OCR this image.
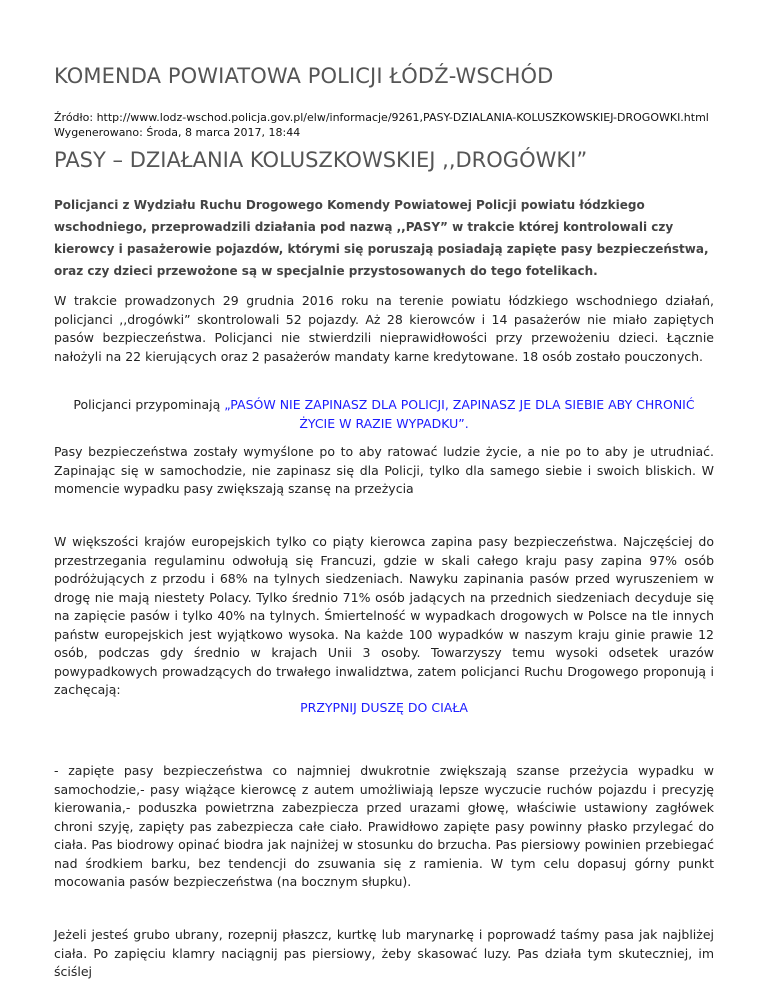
KOMENDA POWIATOWA POLICJI ŁÓDŹ-WSCHÓD
Źródło: http://www.lodz-wschod.policja.gov.pl/elw/informacje/9261,PASY-DZIALANIA-KOLUSZKOWSKIEJ-DROGOWKI.html
Wygenerowano: Środa, 8 marca 2017, 18:44
PASY – DZIAŁANIA KOLUSZKOWSKIEJ ,,DROGÓWKI”

Policjanci z Wydziału Ruchu Drogowego Komendy Powiatowej Policji powiatu łódzkiego wschodniego, przeprowadzili działania pod nazwą ,,PASY” w trakcie której kontrolowali czy kierowcy i pasażerowie pojazdów, którymi się poruszają posiadają zapięte pasy bezpieczeństwa, oraz czy dzieci przewożone są w specjalnie przystosowanych do tego fotelikach.

W trakcie prowadzonych 29 grudnia 2016 roku na terenie powiatu łódzkiego wschodniego działań, policjanci ,,drogówki” skontrolowali 52 pojazdy. Aż 28 kierowców i 14 pasażerów nie miało zapiętych pasów bezpieczeństwa. Policjanci nie stwierdzili nieprawidłowości przy przewożeniu dzieci. Łącznie nałożyli na 22 kierujących oraz 2 pasażerów mandaty karne kredytowane. 18 osób zostało pouczonych.

Policjanci przypominają „PASÓW NIE ZAPINASZ DLA POLICJI, ZAPINASZ JE DLA SIEBIE ABY CHRONIĆ ŻYCIE W RAZIE WYPADKU”.

Pasy bezpieczeństwa zostały wymyślone po to aby ratować ludzie życie, a nie po to aby je utrudniać. Zapinając się w samochodzie, nie zapinasz się dla Policji, tylko dla samego siebie i swoich bliskich. W momencie wypadku pasy zwiększają szansę na przeżycia

W większości krajów europejskich tylko co piąty kierowca zapina pasy bezpieczeństwa. Najczęściej do przestrzegania regulaminu odwołują się Francuzi, gdzie w skali całego kraju pasy zapina 97% osób podróżujących z przodu i 68% na tylnych siedzeniach. Nawyku zapinania pasów przed wyruszeniem w drogę nie mają niestety Polacy. Tylko średnio 71% osób jadących na przednich siedzeniach decyduje się na zapięcie pasów i tylko 40% na tylnych. Śmiertelność w wypadkach drogowych w Polsce na tle innych państw europejskich jest wyjątkowo wysoka. Na każde 100 wypadków w naszym kraju ginie prawie 12 osób, podczas gdy średnio w krajach Unii 3 osoby. Towarzyszy temu wysoki odsetek urazów powypadkowych prowadzących do trwałego inwalidztwa, zatem policjanci Ruchu Drogowego proponują i zachęcają:

PRZYPNIJ DUSZĘ DO CIAŁA

- zapięte pasy bezpieczeństwa co najmniej dwukrotnie zwiększają szanse przeżycia wypadku w samochodzie,- pasy wiążące kierowcę z autem umożliwiają lepsze wyczucie ruchów pojazdu i precyzję kierowania,- poduszka powietrzna zabezpiecza przed urazami głowę, właściwie ustawiony zagłówek chroni szyję, zapięty pas zabezpiecza całe ciało. Prawidłowo zapięte pasy powinny płasko przylegać do ciała. Pas biodrowy opinać biodra jak najniżej w stosunku do brzucha. Pas piersiowy powinien przebiegać nad środkiem barku, bez tendencji do zsuwania się z ramienia. W tym celu dopasuj górny punkt mocowania pasów bezpieczeństwa (na bocznym słupku).

Jeżeli jesteś grubo ubrany, rozepnij płaszcz, kurtkę lub marynarkę i poprowadź taśmy pasa jak najbliżej ciała. Po zapięciu klamry naciągnij pas piersiowy, żeby skasować luzy. Pas działa tym skuteczniej, im ściślej
